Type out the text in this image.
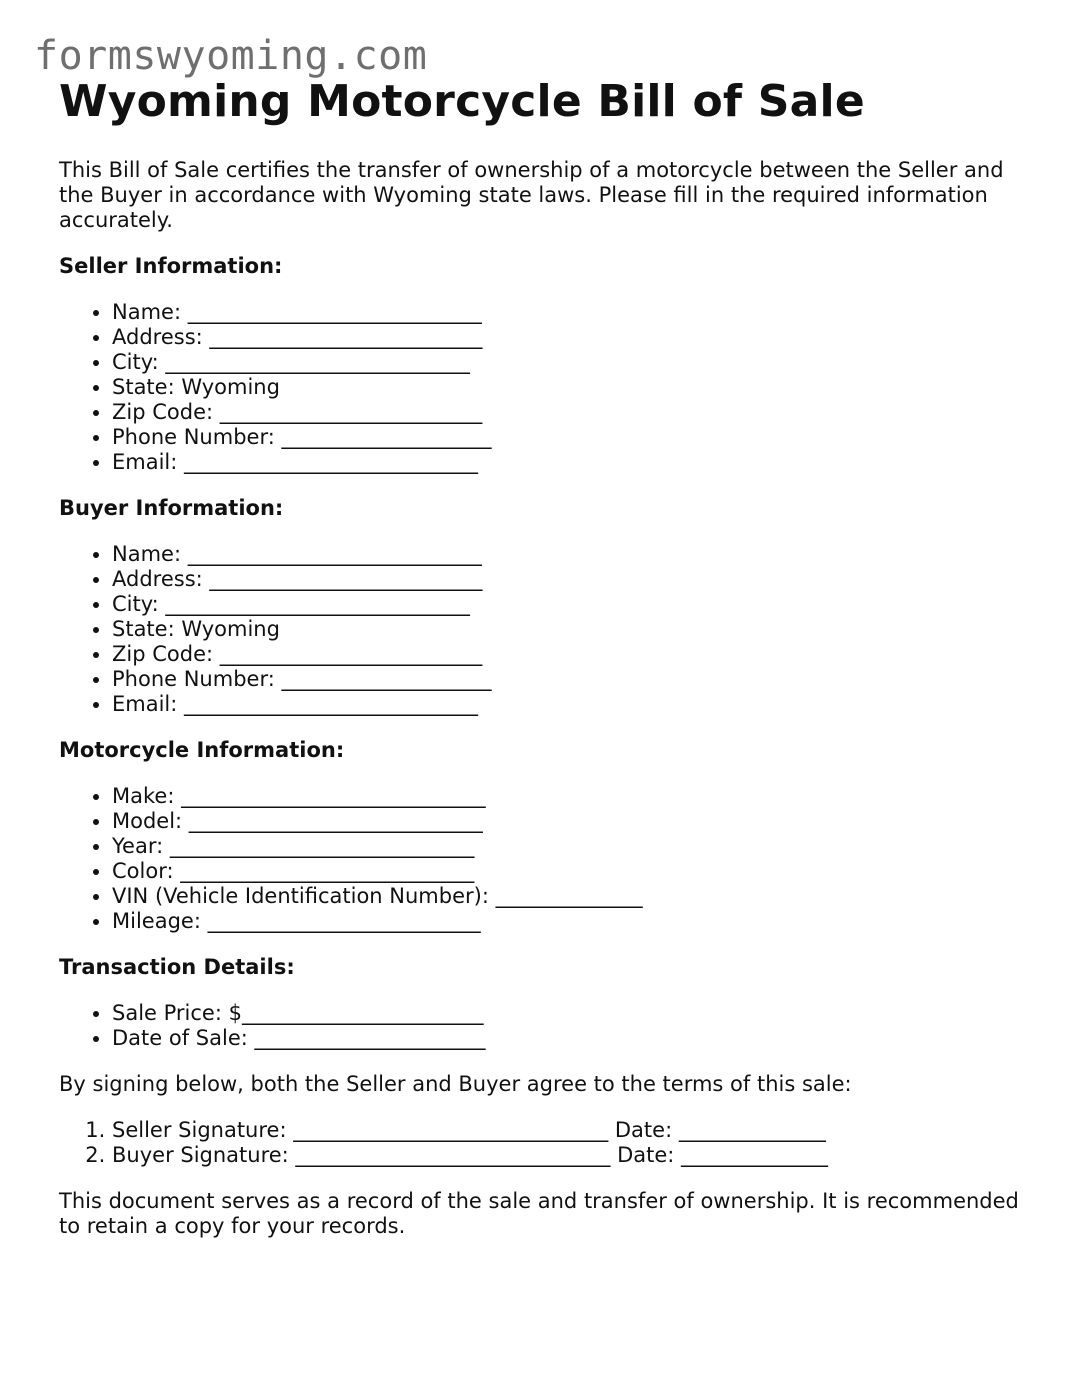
formswyoming.com
Wyoming Motorcycle Bill of Sale

This Bill of Sale certifies the transfer of ownership of a motorcycle between the Seller and the Buyer in accordance with Wyoming state laws. Please fill in the required information accurately.

Seller Information:
• Name: ____________________________
• Address: __________________________
• City: _____________________________
• State: Wyoming
• Zip Code: _________________________
• Phone Number: ____________________
• Email: ____________________________
Buyer Information:
• Name: ____________________________
• Address: __________________________
• City: _____________________________
• State: Wyoming
• Zip Code: _________________________
• Phone Number: ____________________
• Email: ____________________________
Motorcycle Information:
• Make: _____________________________
• Model: ____________________________
• Year: _____________________________
• Color: ____________________________
• VIN (Vehicle Identification Number): ______________
• Mileage: __________________________
Transaction Details:
• Sale Price: $_______________________
• Date of Sale: ______________________

By signing below, both the Seller and Buyer agree to the terms of this sale:

1. Seller Signature: ______________________________ Date: ______________
2. Buyer Signature: ______________________________ Date: ______________

This document serves as a record of the sale and transfer of ownership. It is recommended to retain a copy for your records.
